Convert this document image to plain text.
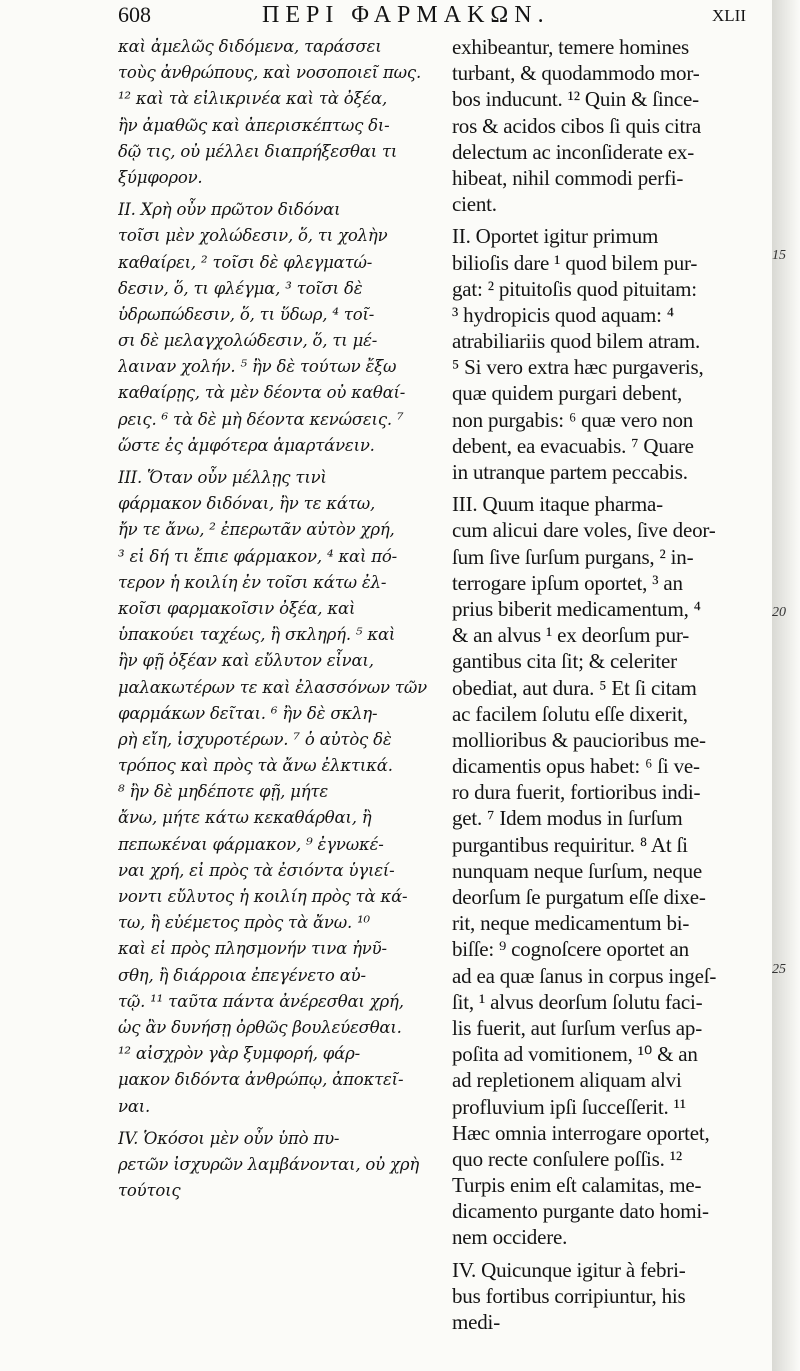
608	ΠΕΡΙ ΦΑΡΜΑΚΩΝ.	XLII
καὶ ἀμελῶς διδόμενα, ταράσσει
τοὺς ἀνθρώπους, καὶ νοσοποιεῖ πως.
¹² καὶ τὰ εἰλικρινέα καὶ τὰ ὀξέα,
ἢν ἀμαθῶς καὶ ἀπερισκέπτως δι-
δῷ τις, οὐ μέλλει διαπρήξεσθαι τι
ξύμφορον.
II. Χρὴ οὖν πρῶτον διδόναι
τοῖσι μὲν χολώδεσιν, ὅ, τι χολὴν
καθαίρει, ² τοῖσι δὲ φλεγματώ-
δεσιν, ὅ, τι φλέγμα, ³ τοῖσι δὲ
ὑδρωπώδεσιν, ὅ, τι ὕδωρ, ⁴ τοῖ-
σι δὲ μελαγχολώδεσιν, ὅ, τι μέ-
λαιναν χολήν. ⁵ ἢν δὲ τούτων ἔξω
καθαίρῃς, τὰ μὲν δέοντα οὐ καθαί-
ρεις. ⁶ τὰ δὲ μὴ δέοντα κενώσεις. ⁷
ὥστε ἐς ἀμφότερα ἁμαρτάνειν.
III. Ὅταν οὖν μέλλῃς τινὶ
φάρμακον διδόναι, ἢν τε κάτω,
ἤν τε ἄνω, ² ἐπερωτᾶν αὐτὸν χρή,
³ εἰ δή τι ἔπιε φάρμακον, ⁴ καὶ πό-
τερον ἡ κοιλίη ἐν τοῖσι κάτω ἐλ-
κοῖσι φαρμακοῖσιν ὀξέα, καὶ
ὑπακούει ταχέως, ἢ σκληρή. ⁵ καὶ
ἢν φῇ ὀξέαν καὶ εὔλυτον εἶναι,
μαλακωτέρων τε καὶ ἐλασσόνων τῶν
φαρμάκων δεῖται. ⁶ ἢν δὲ σκλη-
ρὴ εἴη, ἰσχυροτέρων. ⁷ ὁ αὐτὸς δὲ
τρόπος καὶ πρὸς τὰ ἄνω ἐλκτικά.
⁸ ἢν δὲ μηδέποτε φῇ, μήτε
ἄνω, μήτε κάτω κεκαθάρθαι, ἢ
πεπωκέναι φάρμακον, ⁹ ἐγνωκέ-
ναι χρή, εἰ πρὸς τὰ ἐσιόντα ὑγιεί-
νοντι εὔλυτος ἡ κοιλίη πρὸς τὰ κά-
τω, ἢ εὐέμετος πρὸς τὰ ἄνω. ¹⁰
καὶ εἰ πρὸς πλησμονήν τινα ἠνῦ-
σθη, ἢ διάρροια ἐπεγένετο αὐ-
τῷ. ¹¹ ταῦτα πάντα ἀνέρεσθαι χρή,
ὡς ἂν δυνήσῃ ὀρθῶς βουλεύεσθαι.
¹² αἰσχρὸν γὰρ ξυμφορή, φάρ-
μακον διδόντα ἀνθρώπῳ, ἀποκτεῖ-
ναι.
IV. Ὁκόσοι μὲν οὖν ὑπὸ πυ-
ρετῶν ἰσχυρῶν λαμβάνονται, οὐ χρὴ
τούτοις
exhibeantur, temere homines
turbant, & quodammodo mor-
bos inducunt. ¹² Quin & ſince-
ros & acidos cibos ſi quis citra
delectum ac inconſiderate ex-
hibeat, nihil commodi perfi-
cient.
II. Oportet igitur primum
bilioſis dare ¹ quod bilem pur-
gat: ² pituitoſis quod pituitam:
³ hydropicis quod aquam: ⁴
atrabiliariis quod bilem atram.
⁵ Si vero extra hæc purgaveris,
quæ quidem purgari debent,
non purgabis: ⁶ quæ vero non
debent, ea evacuabis. ⁷ Quare
in utranque partem peccabis.
III. Quum itaque pharma-
cum alicui dare voles, ſive deor-
ſum ſive ſurſum purgans, ² in-
terrogare ipſum oportet, ³ an
prius biberit medicamentum, ⁴
& an alvus ¹ ex deorſum pur-
gantibus cita ſit; & celeriter
obediat, aut dura. ⁵ Et ſi citam
ac facilem ſolutu eſſe dixerit,
mollioribus & paucioribus me-
dicamentis opus habet: ⁶ ſi ve-
ro dura fuerit, fortioribus indi-
get. ⁷ Idem modus in ſurſum
purgantibus requiritur. ⁸ At ſi
nunquam neque ſurſum, neque
deorſum ſe purgatum eſſe dixe-
rit, neque medicamentum bi-
biſſe: ⁹ cognoſcere oportet an
ad ea quæ ſanus in corpus ingeſ-
ſit, ¹ alvus deorſum ſolutu faci-
lis fuerit, aut ſurſum verſus ap-
poſita ad vomitionem, ¹⁰ & an
ad repletionem aliquam alvi
profluvium ipſi ſucceſſerit. ¹¹
Hæc omnia interrogare oportet,
quo recte conſulere poſſis. ¹²
Turpis enim eſt calamitas, me-
dicamento purgante dato homi-
nem occidere.
IV. Quicunque igitur à febri-
bus fortibus corripiuntur, his
medi-
15
20
25
